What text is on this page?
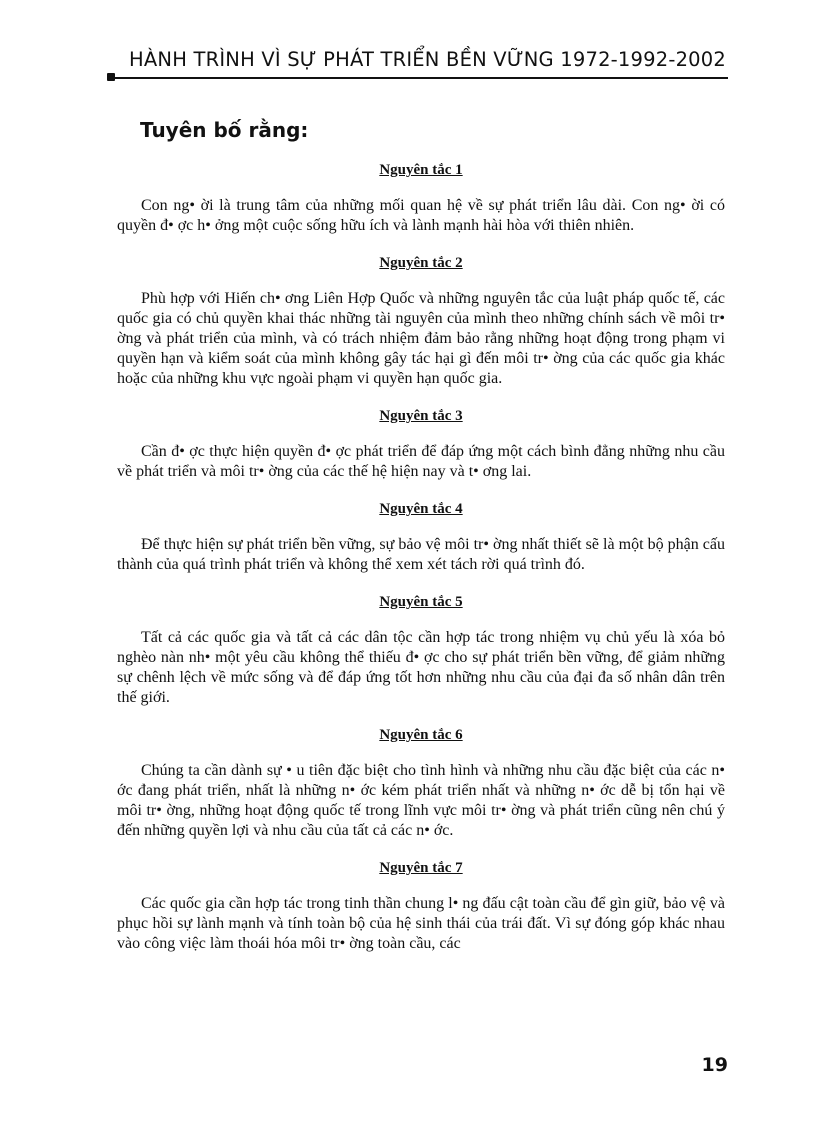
HÀNH TRÌNH VÌ SỰ PHÁT TRIỂN BỀN VỮNG 1972-1992-2002
Tuyên bố rằng:

Nguyên tắc 1

Con ng• ời là trung tâm của những mối quan hệ về sự phát triển lâu dài. Con ng• ời có quyền đ• ợc h• ởng một cuộc sống hữu ích và lành mạnh hài hòa với thiên nhiên.

Nguyên tắc 2

Phù hợp với Hiến ch• ơng Liên Hợp Quốc và những nguyên tắc của luật pháp quốc tế, các quốc gia có chủ quyền khai thác những tài nguyên của mình theo những chính sách về môi tr• ờng và phát triển của mình, và có trách nhiệm đảm bảo rằng những hoạt động trong phạm vi quyền hạn và kiểm soát của mình không gây tác hại gì đến môi tr• ờng của các quốc gia khác hoặc của những khu vực ngoài phạm vi quyền hạn quốc gia.

Nguyên tắc 3

Cần đ• ợc thực hiện quyền đ• ợc phát triển để đáp ứng một cách bình đẳng những nhu cầu về phát triển và môi tr• ờng của các thế hệ hiện nay và t• ơng lai.

Nguyên tắc 4

Để thực hiện sự phát triển bền vững, sự bảo vệ môi tr• ờng nhất thiết sẽ là một bộ phận cấu thành của quá trình phát triển và không thể xem xét tách rời quá trình đó.

Nguyên tắc 5

Tất cả các quốc gia và tất cả các dân tộc cần hợp tác trong nhiệm vụ chủ yếu là xóa bỏ nghèo nàn nh• một yêu cầu không thể thiếu đ• ợc cho sự phát triển bền vững, để giảm những sự chênh lệch về mức sống và để đáp ứng tốt hơn những nhu cầu của đại đa số nhân dân trên thế giới.

Nguyên tắc 6

Chúng ta cần dành sự • u tiên đặc biệt cho tình hình và những nhu cầu đặc biệt của các n• ớc đang phát triển, nhất là những n• ớc kém phát triển nhất và những n• ớc dễ bị tổn hại về môi tr• ờng, những hoạt động quốc tế trong lĩnh vực môi tr• ờng và phát triển cũng nên chú ý đến những quyền lợi và nhu cầu của tất cả các n• ớc.

Nguyên tắc 7

Các quốc gia cần hợp tác trong tinh thần chung l• ng đấu cật toàn cầu để gìn giữ, bảo vệ và phục hồi sự lành mạnh và tính toàn bộ của hệ sinh thái của trái đất. Vì sự đóng góp khác nhau vào công việc làm thoái hóa môi tr• ờng toàn cầu, các

19
